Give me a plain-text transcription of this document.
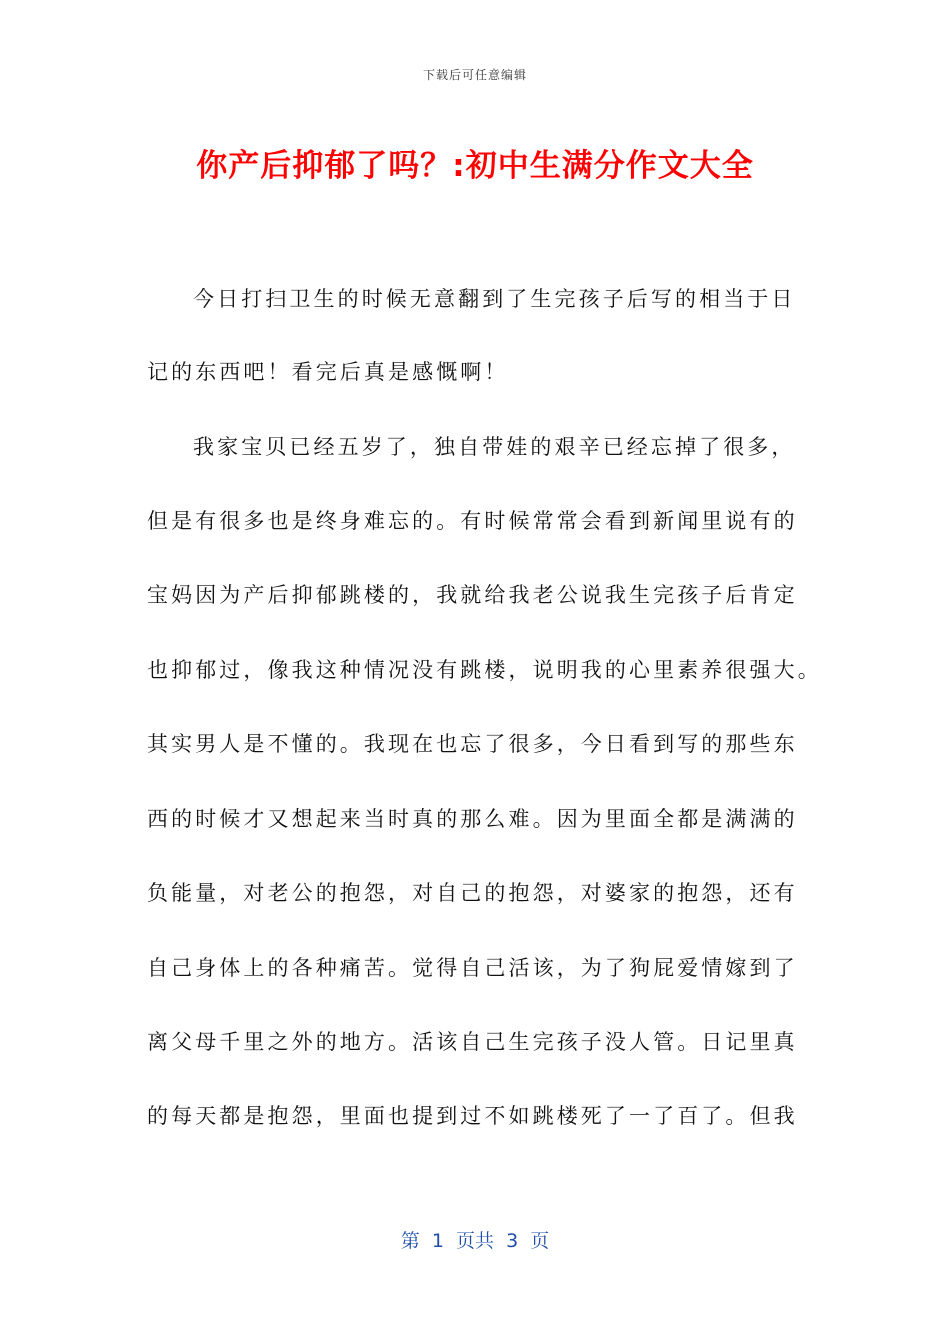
下载后可任意编辑
你产后抑郁了吗？:初中生满分作文大全
今日打扫卫生的时候无意翻到了生完孩子后写的相当于日
记的东西吧！看完后真是感慨啊！
我家宝贝已经五岁了，独自带娃的艰辛已经忘掉了很多，
但是有很多也是终身难忘的。有时候常常会看到新闻里说有的
宝妈因为产后抑郁跳楼的，我就给我老公说我生完孩子后肯定
也抑郁过，像我这种情况没有跳楼，说明我的心里素养很强大。
其实男人是不懂的。我现在也忘了很多，今日看到写的那些东
西的时候才又想起来当时真的那么难。因为里面全都是满满的
负能量，对老公的抱怨，对自己的抱怨，对婆家的抱怨，还有
自己身体上的各种痛苦。觉得自己活该，为了狗屁爱情嫁到了
离父母千里之外的地方。活该自己生完孩子没人管。日记里真
的每天都是抱怨，里面也提到过不如跳楼死了一了百了。但我
第  1  页共  3  页
